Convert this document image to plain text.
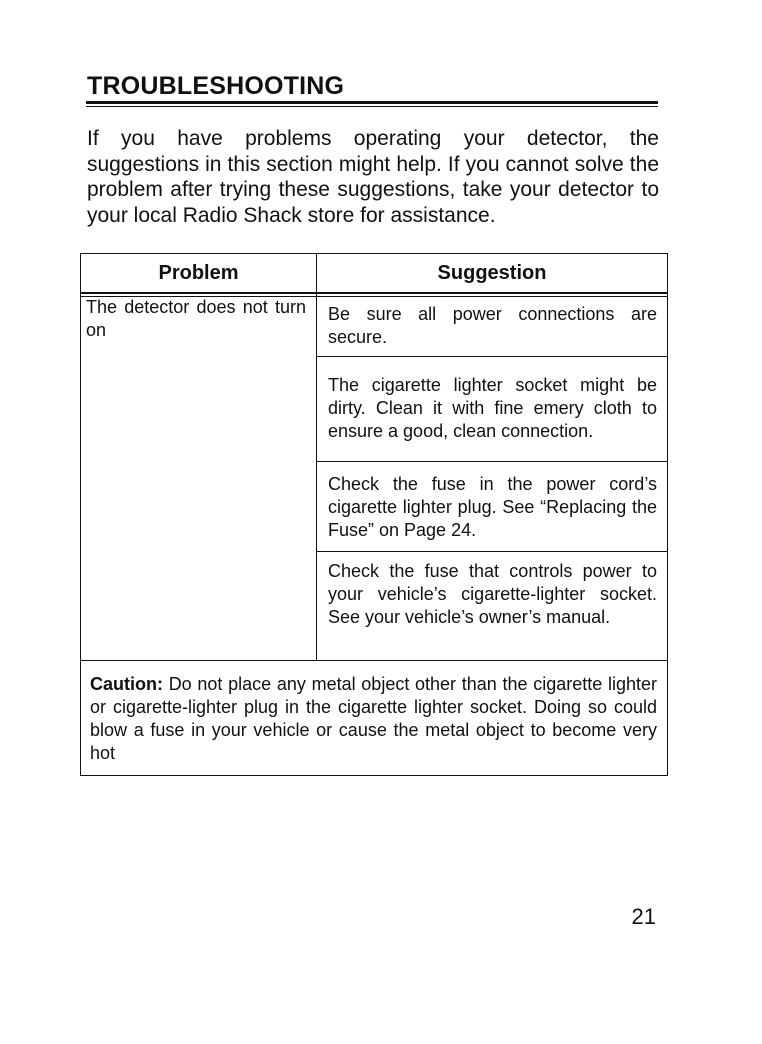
TROUBLESHOOTING

If you have problems operating your detector, the suggestions in this section might help. If you cannot solve the problem after trying these suggestions, take your detector to your local Radio Shack store for assistance.

Problem	Suggestion

The detector does not turn on

Be sure all power connections are secure.

The cigarette lighter socket might be dirty. Clean it with fine emery cloth to ensure a good, clean connection.

Check the fuse in the power cord’s cigarette lighter plug. See “Replacing the Fuse” on Page 24.

Check the fuse that controls power to your vehicle’s cigarette-lighter socket. See your vehicle’s owner’s manual.

Caution: Do not place any metal object other than the cigarette lighter or cigarette-lighter plug in the cigarette lighter socket. Doing so could blow a fuse in your vehicle or cause the metal object to become very hot

21
